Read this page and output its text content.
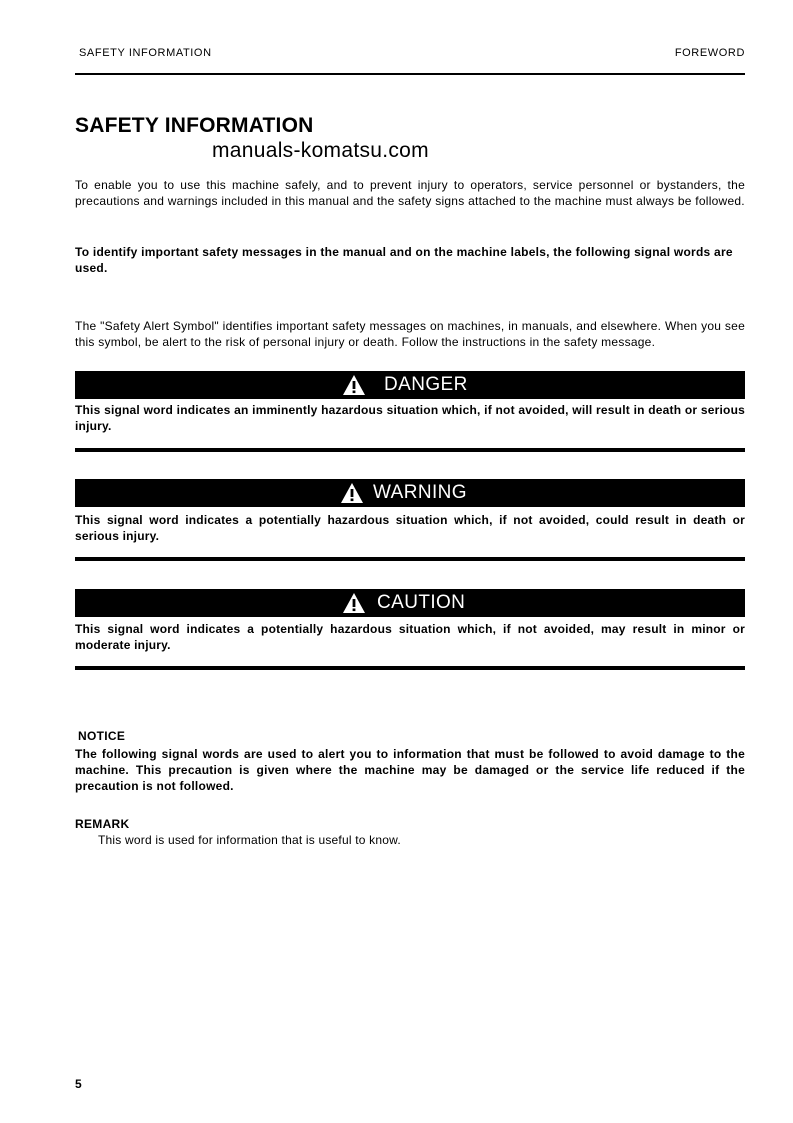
SAFETY INFORMATION	FOREWORD
SAFETY INFORMATION
manuals-komatsu.com
To enable you to use this machine safely, and to prevent injury to operators, service personnel or bystanders, the precautions and warnings included in this manual and the safety signs attached to the machine must always be followed.
To identify important safety messages in the manual and on the machine labels, the following signal words are used.
The "Safety Alert Symbol" identifies important safety messages on machines, in manuals, and elsewhere. When you see this symbol, be alert to the risk of personal injury or death. Follow the instructions in the safety message.
DANGER
This signal word indicates an imminently hazardous situation which, if not avoided, will result in death or serious injury.
WARNING
This signal word indicates a potentially hazardous situation which, if not avoided, could result in death or serious injury.
CAUTION
This signal word indicates a potentially hazardous situation which, if not avoided, may result in minor or moderate injury.
NOTICE
The following signal words are used to alert you to information that must be followed to avoid damage to the machine. This precaution is given where the machine may be damaged or the service life reduced if the precaution is not followed.
REMARK
This word is used for information that is useful to know.
5
